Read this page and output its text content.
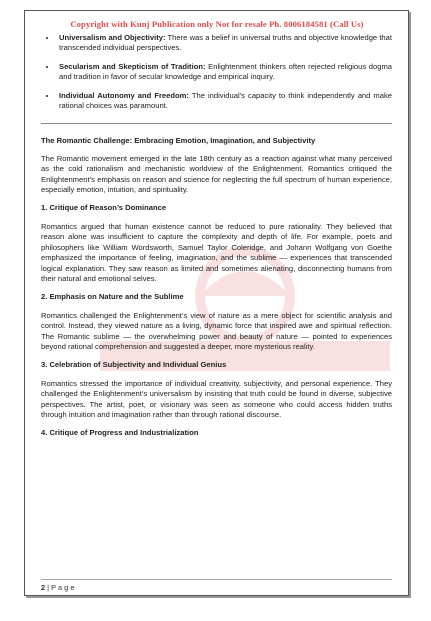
Copyright with Kunj Publication only Not for resale Ph. 8006184581 (Call Us)
• Universalism and Objectivity: There was a belief in universal truths and objective knowledge that transcended individual perspectives.
• Secularism and Skepticism of Tradition: Enlightenment thinkers often rejected religious dogma and tradition in favor of secular knowledge and empirical inquiry.
• Individual Autonomy and Freedom: The individual’s capacity to think independently and make rational choices was paramount.
The Romantic Challenge: Embracing Emotion, Imagination, and Subjectivity

The Romantic movement emerged in the late 18th century as a reaction against what many perceived as the cold rationalism and mechanistic worldview of the Enlightenment. Romantics critiqued the Enlightenment’s emphasis on reason and science for neglecting the full spectrum of human experience, especially emotion, intuition, and spirituality.

1. Critique of Reason’s Dominance

Romantics argued that human existence cannot be reduced to pure rationality. They believed that reason alone was insufficient to capture the complexity and depth of life. For example, poets and philosophers like William Wordsworth, Samuel Taylor Coleridge, and Johann Wolfgang von Goethe emphasized the importance of feeling, imagination, and the sublime — experiences that transcended logical explanation. They saw reason as limited and sometimes alienating, disconnecting humans from their natural and emotional selves.

2. Emphasis on Nature and the Sublime

Romantics challenged the Enlightenment’s view of nature as a mere object for scientific analysis and control. Instead, they viewed nature as a living, dynamic force that inspired awe and spiritual reflection. The Romantic sublime — the overwhelming power and beauty of nature — pointed to experiences beyond rational comprehension and suggested a deeper, more mysterious reality.

3. Celebration of Subjectivity and Individual Genius

Romantics stressed the importance of individual creativity, subjectivity, and personal experience. They challenged the Enlightenment’s universalism by insisting that truth could be found in diverse, subjective perspectives. The artist, poet, or visionary was seen as someone who could access hidden truths through intuition and imagination rather than through rational discourse.

4. Critique of Progress and Industrialization
2 | P a g e
